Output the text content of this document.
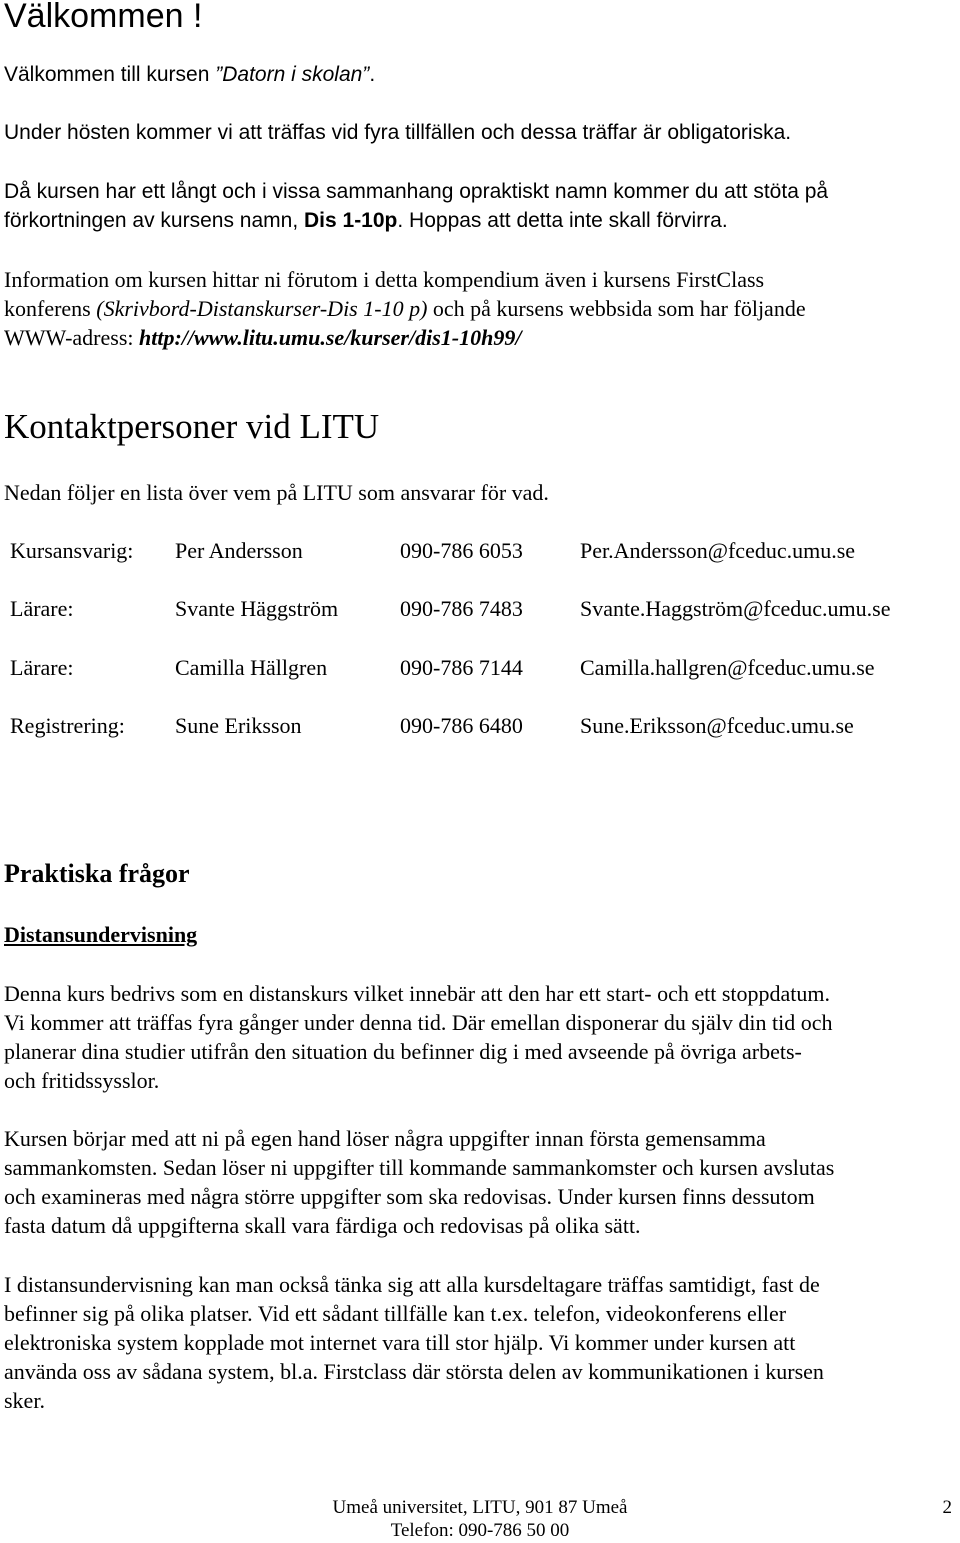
Välkommen !
Välkommen till kursen ”Datorn i skolan”.
Under hösten kommer vi att träffas vid fyra tillfällen och dessa träffar är obligatoriska.
Då kursen har ett långt och i vissa sammanhang opraktiskt namn kommer du att stöta på
förkortningen av kursens namn, Dis 1-10p. Hoppas att detta inte skall förvirra.
Information om kursen hittar ni förutom i detta kompendium även i kursens FirstClass
konferens (Skrivbord-Distanskurser-Dis 1-10 p) och på kursens webbsida som har följande
WWW-adress: http://www.litu.umu.se/kurser/dis1-10h99/
Kontaktpersoner vid LITU
Nedan följer en lista över vem på LITU som ansvarar för vad.
Kursansvarig: Per Andersson	090-786 6053	Per.Andersson@fceduc.umu.se
Lärare:	Svante Häggström	090-786 7483	Svante.Haggström@fceduc.umu.se
Lärare:	Camilla Hällgren	090-786 7144	Camilla.hallgren@fceduc.umu.se
Registrering: Sune Eriksson	090-786 6480	Sune.Eriksson@fceduc.umu.se
Praktiska frågor
Distansundervisning
Denna kurs bedrivs som en distanskurs vilket innebär att den har ett start- och ett stoppdatum.
Vi kommer att träffas fyra gånger under denna tid. Där emellan disponerar du själv din tid och
planerar dina studier utifrån den situation du befinner dig i med avseende på övriga arbets-
och fritidssysslor.
Kursen börjar med att ni på egen hand löser några uppgifter innan första gemensamma
sammankomsten. Sedan löser ni uppgifter till kommande sammankomster och kursen avslutas
och examineras med några större uppgifter som ska redovisas. Under kursen finns dessutom
fasta datum då uppgifterna skall vara färdiga och redovisas på olika sätt.
I distansundervisning kan man också tänka sig att alla kursdeltagare träffas samtidigt, fast de
befinner sig på olika platser. Vid ett sådant tillfälle kan t.ex. telefon, videokonferens eller
elektroniska system kopplade mot internet vara till stor hjälp. Vi kommer under kursen att
använda oss av sådana system, bl.a. Firstclass där största delen av kommunikationen i kursen
sker.
Umeå universitet, LITU, 901 87 Umeå
Telefon: 090-786 50 00
2
